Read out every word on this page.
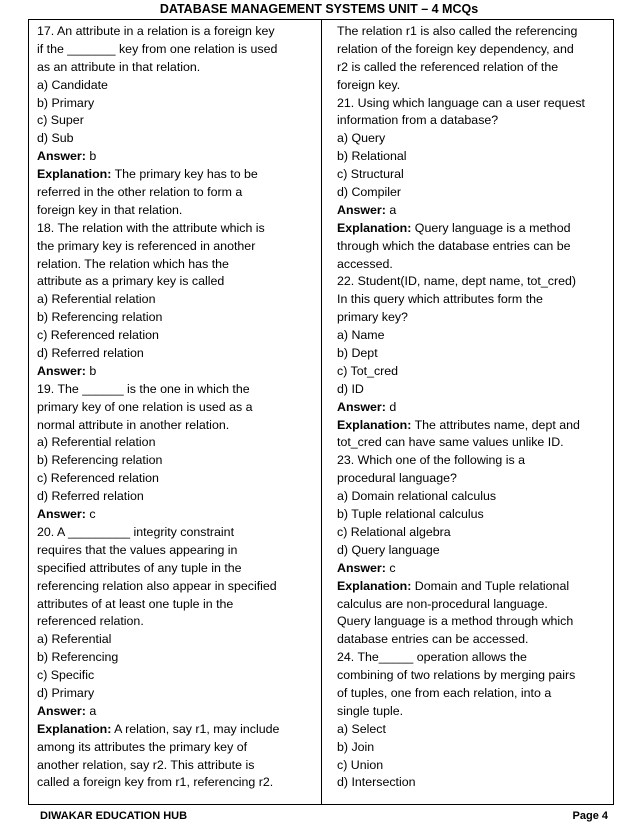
DATABASE MANAGEMENT SYSTEMS UNIT – 4 MCQs
17. An attribute in a relation is a foreign key
if the _______ key from one relation is used
as an attribute in that relation.
a) Candidate
b) Primary
c) Super
d) Sub
Answer: b
Explanation: The primary key has to be
referred in the other relation to form a
foreign key in that relation.
18. The relation with the attribute which is
the primary key is referenced in another
relation. The relation which has the
attribute as a primary key is called
a) Referential relation
b) Referencing relation
c) Referenced relation
d) Referred relation
Answer: b
19. The ______ is the one in which the
primary key of one relation is used as a
normal attribute in another relation.
a) Referential relation
b) Referencing relation
c) Referenced relation
d) Referred relation
Answer: c
20. A _________ integrity constraint
requires that the values appearing in
specified attributes of any tuple in the
referencing relation also appear in specified
attributes of at least one tuple in the
referenced relation.
a) Referential
b) Referencing
c) Specific
d) Primary
Answer: a
Explanation: A relation, say r1, may include
among its attributes the primary key of
another relation, say r2. This attribute is
called a foreign key from r1, referencing r2.
The relation r1 is also called the referencing
relation of the foreign key dependency, and
r2 is called the referenced relation of the
foreign key.
21. Using which language can a user request
information from a database?
a) Query
b) Relational
c) Structural
d) Compiler
Answer: a
Explanation: Query language is a method
through which the database entries can be
accessed.
22. Student(ID, name, dept name, tot_cred)
In this query which attributes form the
primary key?
a) Name
b) Dept
c) Tot_cred
d) ID
Answer: d
Explanation: The attributes name, dept and
tot_cred can have same values unlike ID.
23. Which one of the following is a
procedural language?
a) Domain relational calculus
b) Tuple relational calculus
c) Relational algebra
d) Query language
Answer: c
Explanation: Domain and Tuple relational
calculus are non-procedural language.
Query language is a method through which
database entries can be accessed.
24. The_____ operation allows the
combining of two relations by merging pairs
of tuples, one from each relation, into a
single tuple.
a) Select
b) Join
c) Union
d) Intersection
DIWAKAR EDUCATION HUB	Page 4
